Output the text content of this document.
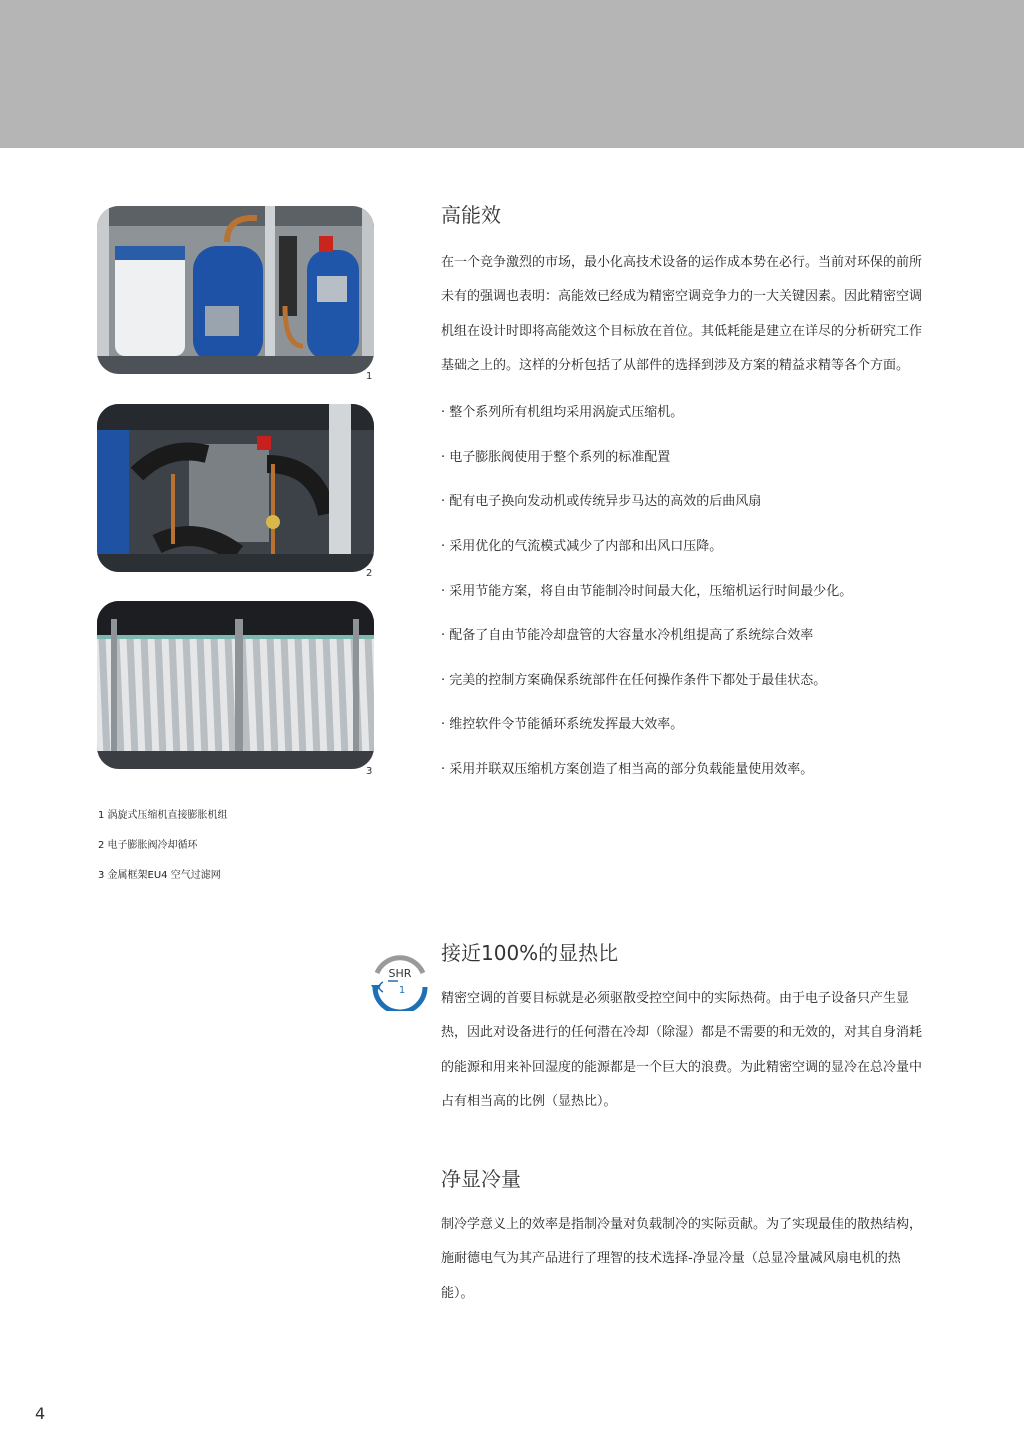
1
2
3
1 涡旋式压缩机直接膨胀机组
2 电子膨胀阀冷却循环
3 金属框架EU4 空气过滤网
高能效

在一个竞争激烈的市场，最小化高技术设备的运作成本势在必行。当前对环保的前所未有的强调也表明：高能效已经成为精密空调竞争力的一大关键因素。因此精密空调机组在设计时即将高能效这个目标放在首位。其低耗能是建立在详尽的分析研究工作基础之上的。这样的分析包括了从部件的选择到涉及方案的精益求精等各个方面。

· 整个系列所有机组均采用涡旋式压缩机。
· 电子膨胀阀使用于整个系列的标准配置
· 配有电子换向发动机或传统异步马达的高效的后曲风扇
· 采用优化的气流模式减少了内部和出风口压降。
· 采用节能方案，将自由节能制冷时间最大化，压缩机运行时间最少化。
· 配备了自由节能冷却盘管的大容量水冷机组提高了系统综合效率
· 完美的控制方案确保系统部件在任何操作条件下都处于最佳状态。
· 维控软件令节能循环系统发挥最大效率。
· 采用并联双压缩机方案创造了相当高的部分负载能量使用效率。
SHR
1
接近100%的显热比

精密空调的首要目标就是必须驱散受控空间中的实际热荷。由于电子设备只产生显热，因此对设备进行的任何潜在冷却（除湿）都是不需要的和无效的，对其自身消耗的能源和用来补回湿度的能源都是一个巨大的浪费。为此精密空调的显冷在总冷量中占有相当高的比例（显热比）。

净显冷量

制冷学意义上的效率是指制冷量对负载制冷的实际贡献。为了实现最佳的散热结构，施耐德电气为其产品进行了理智的技术选择-净显冷量（总显冷量减风扇电机的热能）。

4
